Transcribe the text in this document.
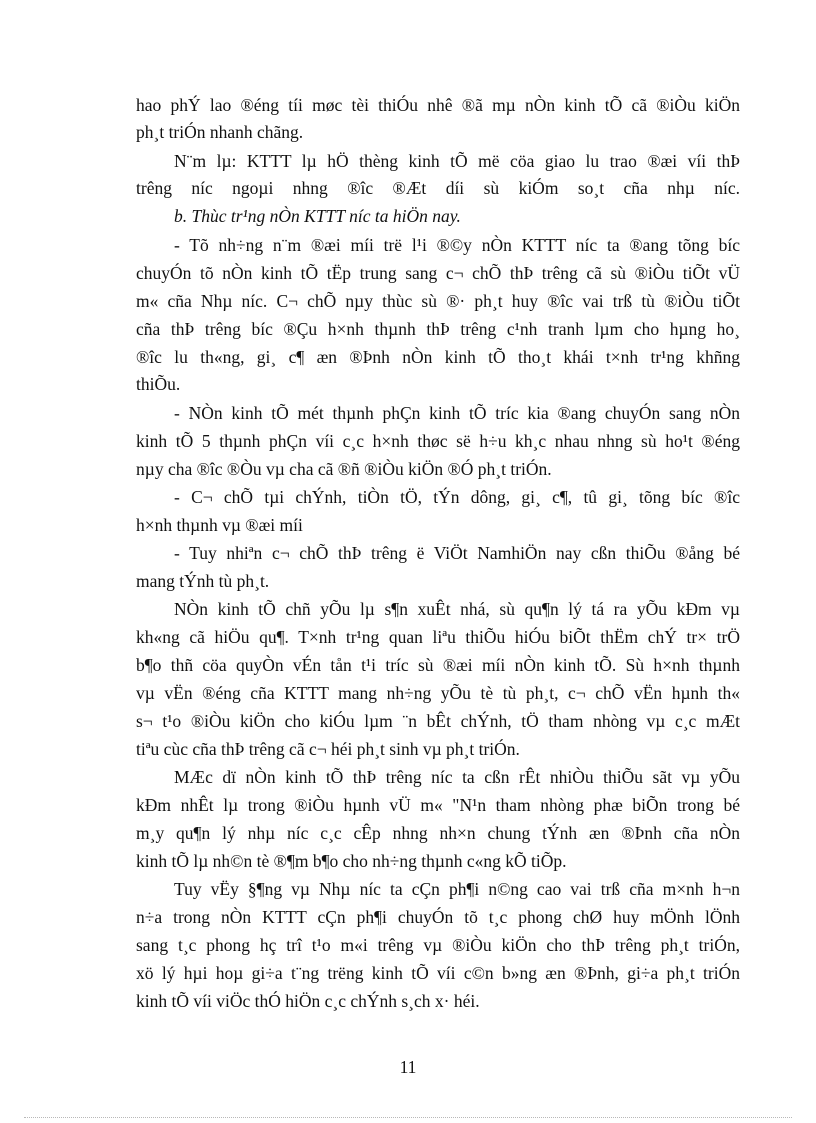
hao phÝ lao ®éng tíi møc tèi thiÓu nhê ®ã mµ nÒn kinh tÕ cã ®iÒu kiÖn
ph¸t triÓn nhanh chãng.
N¨m lµ: KTTT lµ hÖ thèng kinh tÕ më cöa giao lu trao ®æi víi thÞ
trêng níc ngoµi nhng ®îc ®Æt díi sù kiÓm so¸t cña nhµ níc.
b. Thùc tr¹ng nÒn KTTT níc ta hiÖn nay.
- Tõ nh÷ng n¨m ®æi míi trë l¹i ®©y nÒn KTTT níc ta ®ang tõng bíc
chuyÓn tõ nÒn kinh tÕ tËp trung sang c¬ chÕ thÞ trêng cã sù ®iÒu tiÕt vÜ
m« cña Nhµ níc. C¬ chÕ nµy thùc sù ®· ph¸t huy ®îc vai trß tù ®iÒu tiÕt
cña thÞ trêng bíc ®Çu h×nh thµnh thÞ trêng c¹nh tranh lµm cho hµng ho¸
®îc lu th«ng, gi¸ c¶ æn ®Þnh nÒn kinh tÕ tho¸t khái t×nh tr¹ng khñng
thiÕu.
- NÒn kinh tÕ mét thµnh phÇn kinh tÕ tríc kia ®ang chuyÓn sang nÒn
kinh tÕ 5 thµnh phÇn víi c¸c h×nh thøc së h÷u kh¸c nhau nhng sù ho¹t ®éng
nµy cha ®îc ®Òu vµ cha cã ®ñ ®iÒu kiÖn ®Ó ph¸t triÓn.
- C¬ chÕ tµi chÝnh, tiÒn tÖ, tÝn dông, gi¸ c¶, tû gi¸ tõng bíc ®îc
h×nh thµnh vµ ®æi míi
- Tuy nhiªn c¬ chÕ thÞ trêng ë ViÖt NamhiÖn nay cßn thiÕu ®ång bé
mang tÝnh tù ph¸t.
NÒn kinh tÕ chñ yÕu lµ s¶n xuÊt nhá, sù qu¶n lý tá ra yÕu kÐm vµ
kh«ng cã hiÖu qu¶. T×nh tr¹ng quan liªu thiÕu hiÓu biÕt thËm chÝ tr× trÖ
b¶o thñ cöa quyÒn vÉn tån t¹i tríc sù ®æi míi nÒn kinh tÕ. Sù h×nh thµnh
vµ vËn ®éng cña KTTT mang nh÷ng yÕu tè tù ph¸t, c¬ chÕ vËn hµnh th«
s¬ t¹o ®iÒu kiÖn cho kiÓu lµm ¨n bÊt chÝnh, tÖ tham nhòng vµ c¸c mÆt
tiªu cùc cña thÞ trêng cã c¬ héi ph¸t sinh vµ ph¸t triÓn.
MÆc dï nÒn kinh tÕ thÞ trêng níc ta cßn rÊt nhiÒu thiÕu sãt vµ yÕu
kÐm nhÊt lµ trong ®iÒu hµnh vÜ m« "N¹n tham nhòng phæ biÕn trong bé
m¸y qu¶n lý nhµ níc c¸c cÊp nhng nh×n chung tÝnh æn ®Þnh cña nÒn
kinh tÕ lµ nh©n tè ®¶m b¶o cho nh÷ng thµnh c«ng kÕ tiÕp.
Tuy vËy §¶ng vµ Nhµ níc ta cÇn ph¶i n©ng cao vai trß cña m×nh h¬n
n÷a trong nÒn KTTT cÇn ph¶i chuyÓn tõ t¸c phong chØ huy mÖnh lÖnh
sang t¸c phong hç trî t¹o m«i trêng vµ ®iÒu kiÖn cho thÞ trêng ph¸t triÓn,
xö lý hµi hoµ gi÷a t¨ng trëng kinh tÕ víi c©n b»ng æn ®Þnh, gi÷a ph¸t triÓn
kinh tÕ víi viÖc thÓ hiÖn c¸c chÝnh s¸ch x· héi.
11
